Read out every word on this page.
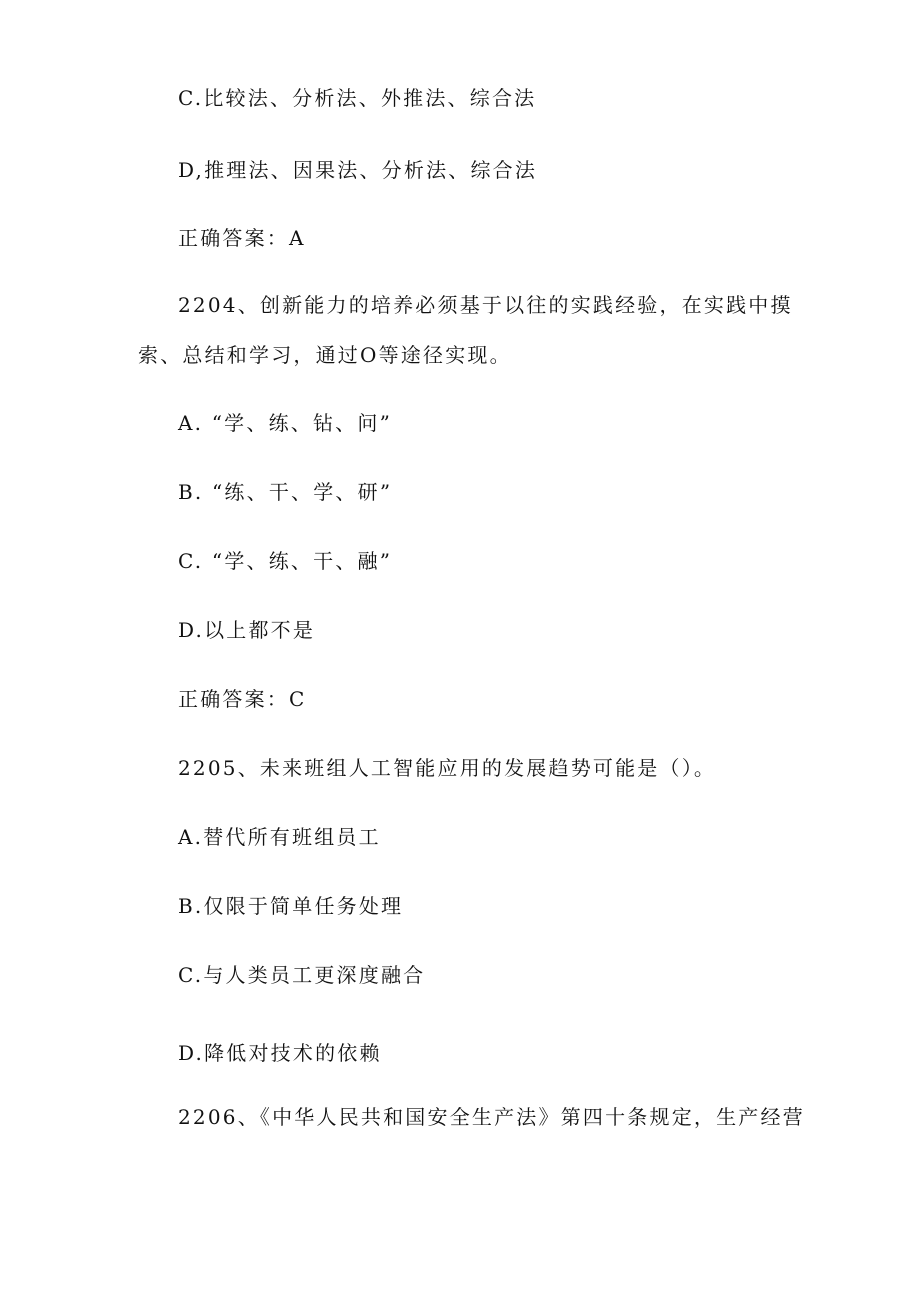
C.比较法、分析法、外推法、综合法
D,推理法、因果法、分析法、综合法
正确答案：A
2204、创新能力的培养必须基于以往的实践经验，在实践中摸
索、总结和学习，通过O等途径实现。
A. “学、练、钻、问”
B. “练、干、学、研”
C. “学、练、干、融”
D.以上都不是
正确答案：C
2205、未来班组人工智能应用的发展趋势可能是（）。
A.替代所有班组员工
B.仅限于简单任务处理
C.与人类员工更深度融合
D.降低对技术的依赖
2206、《中华人民共和国安全生产法》第四十条规定，生产经营
